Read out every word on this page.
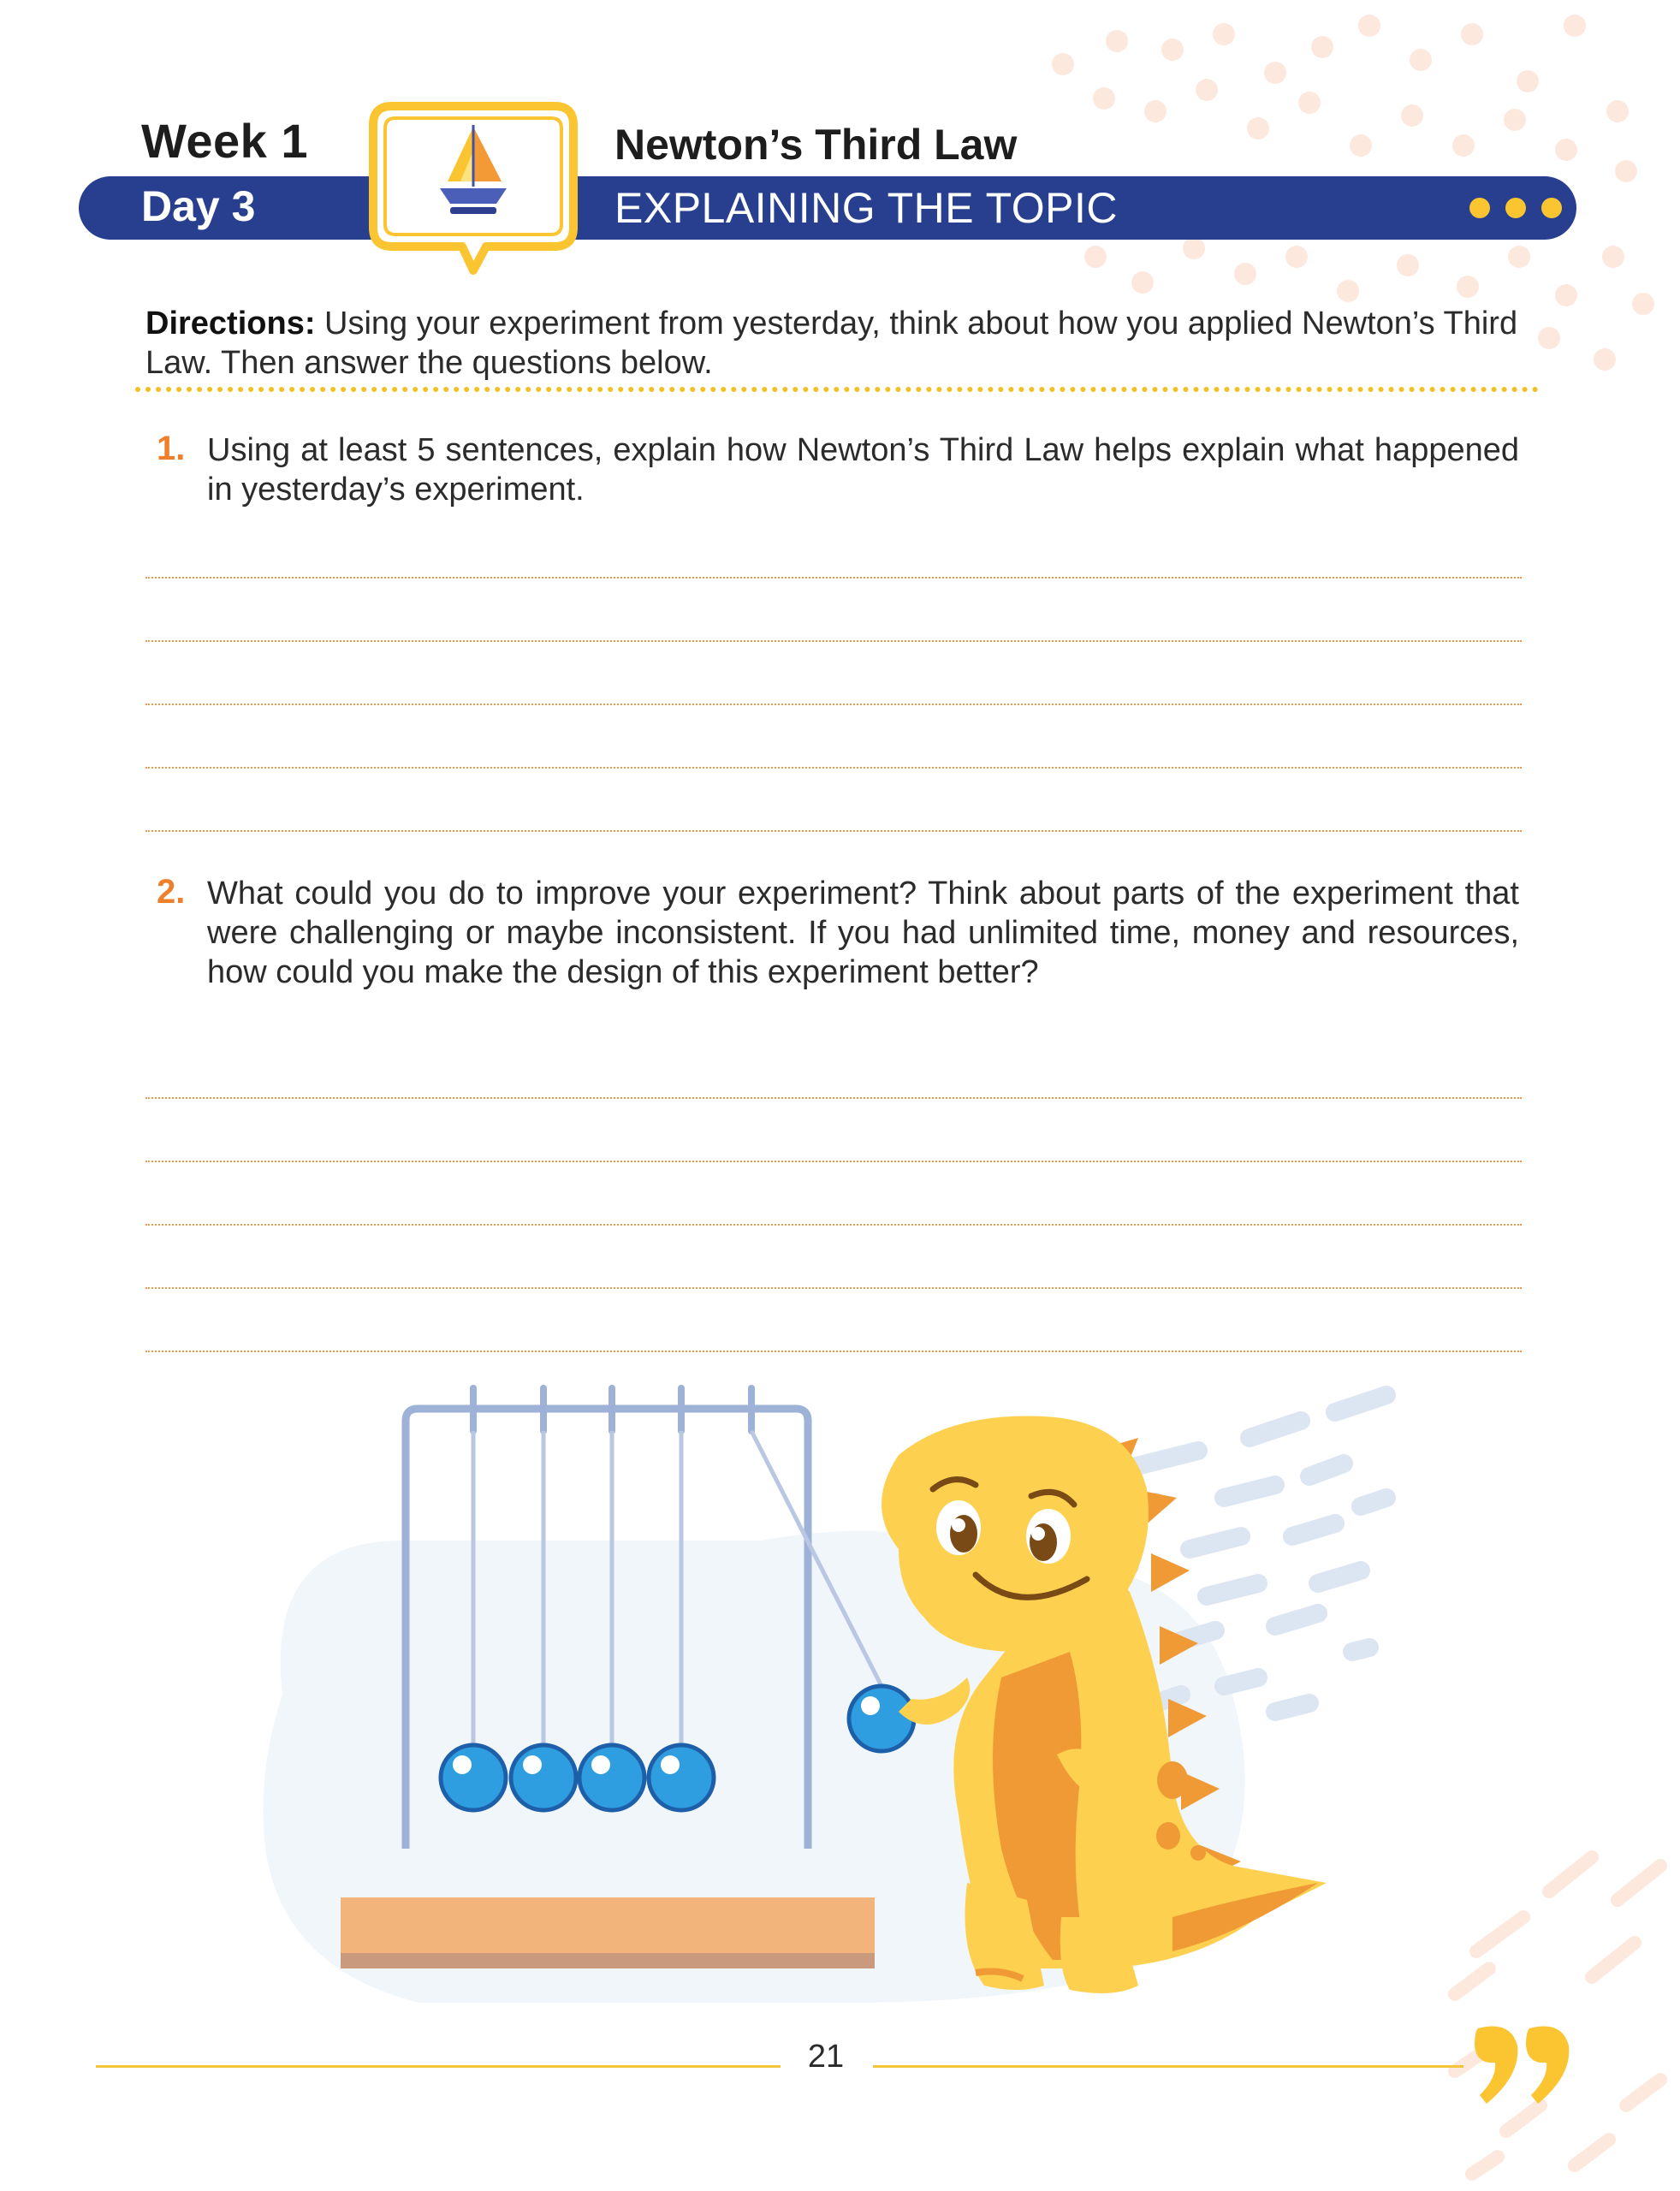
Week 1
Day 3
Newton’s Third Law
EXPLAINING THE TOPIC
Directions: Using your experiment from yesterday, think about how you applied Newton’s Third Law. Then answer the questions below.
1. Using at least 5 sentences, explain how Newton’s Third Law helps explain what happened in yesterday’s experiment.
2. What could you do to improve your experiment? Think about parts of the experiment that were challenging or maybe inconsistent. If you had unlimited time, money and resources, how could you make the design of this experiment better?
21
